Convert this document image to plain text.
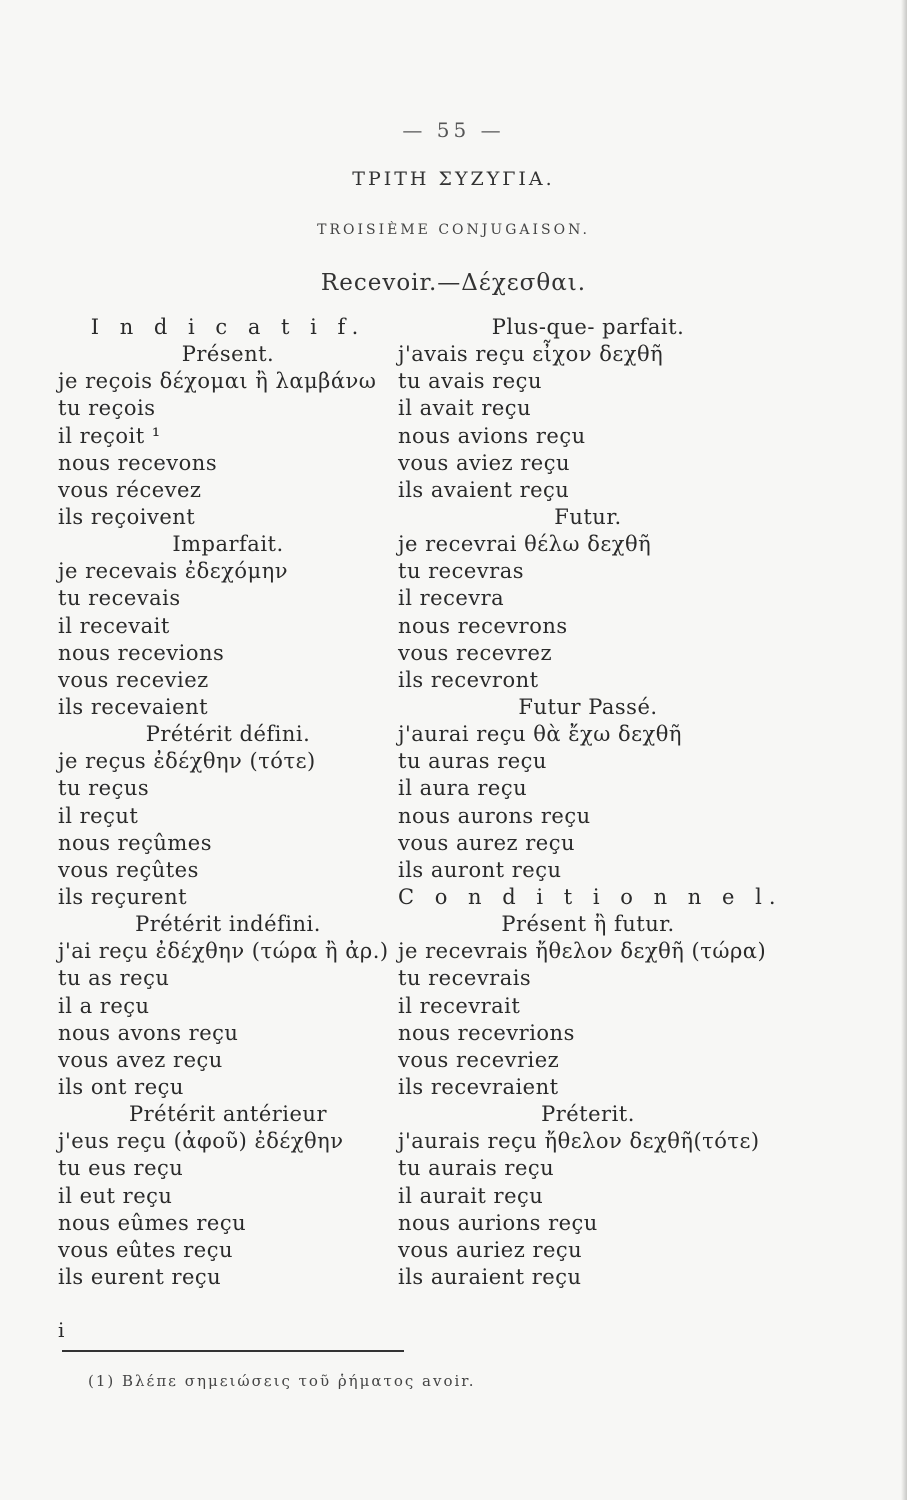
— 55 —
ΤΡΙΤΗ ΣΥΖΥΓΙΑ.
TROISIÈME CONJUGAISON.
Recevoir.—Δέχεσθαι.
I n d i c a t i f.
Présent.
je reçois δέχομαι ἢ λαμβάνω
tu reçois
il reçoit ¹
nous recevons
vous récevez
ils reçoivent
Imparfait.
je recevais ἐδεχόμην
tu recevais
il recevait
nous recevions
vous receviez
ils recevaient
Prétérit défini.
je reçus ἐδέχθην (τότε)
tu reçus
il reçut
nous reçûmes
vous reçûtes
ils reçurent
Prétérit indéfini.
j'ai reçu ἐδέχθην (τώρα ἢ ἀρ.)
tu as reçu
il a reçu
nous avons reçu
vous avez reçu
ils ont reçu
Prétérit antérieur
j'eus reçu (ἀφοῦ) ἐδέχθην
tu eus reçu
il eut reçu
nous eûmes reçu
vous eûtes reçu
ils eurent reçu
Plus-que- parfait.
j'avais reçu εἶχον δεχθῆ
tu avais reçu
il avait reçu
nous avions reçu
vous aviez reçu
ils avaient reçu
Futur.
je recevrai θέλω δεχθῆ
tu recevras
il recevra
nous recevrons
vous recevrez
ils recevront
Futur Passé.
j'aurai reçu θὰ ἔχω δεχθῆ
tu auras reçu
il aura reçu
nous aurons reçu
vous aurez reçu
ils auront reçu
C o n d i t i o n n e l.
Présent ἢ futur.
je recevrais ἤθελον δεχθῆ (τώρα)
tu recevrais
il recevrait
nous recevrions
vous recevriez
ils recevraient
Préterit.
j'aurais reçu ἤθελον δεχθῆ(τότε)
tu aurais reçu
il aurait reçu
nous aurions reçu
vous auriez reçu
ils auraient reçu
i
(1) Βλέπε σημειώσεις τοῦ ῥήματος avoir.
